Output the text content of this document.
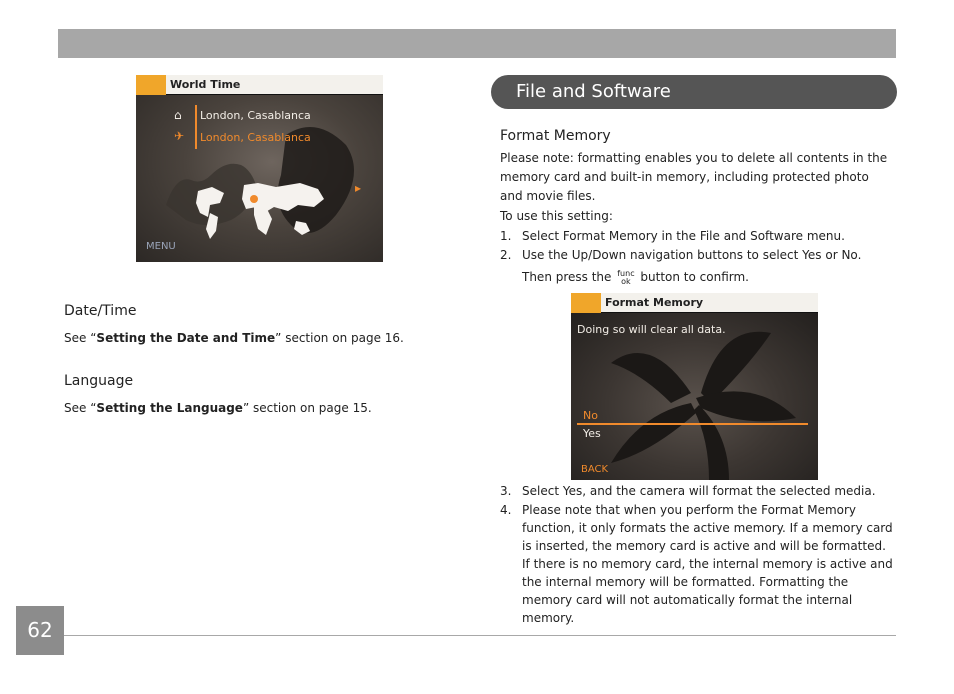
World Time
⌂ London, Casablanca
✈ London, Casablanca
▸
MENU
Date/Time
See “Setting the Date and Time” section on page 16.
Language
See “Setting the Language” section on page 15.
File and Software
Format Memory
Please note: formatting enables you to delete all contents in the memory card and built-in memory, including protected photo and movie files.
To use this setting:
1. Select Format Memory in the File and Software menu.
2. Use the Up/Down navigation buttons to select Yes or No.
Then press the func
ok button to confirm.
Format Memory
Doing so will clear all data.
No
Yes
BACK
3. Select Yes, and the camera will format the selected media.
4. Please note that when you perform the Format Memory function, it only formats the active memory. If a memory card is inserted, the memory card is active and will be formatted. If there is no memory card, the internal memory is active and the internal memory will be formatted. Formatting the memory card will not automatically format the internal memory.
62
